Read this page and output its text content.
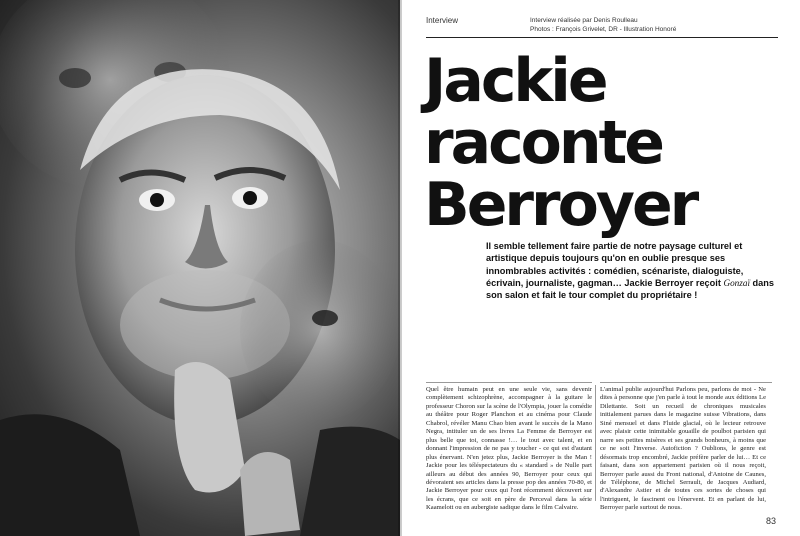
Interview	Interview réalisée par Denis Roulleau
Photos : François Grivelet, DR - Illustration Honoré
Jackie
raconte
Berroyer
Il semble tellement faire partie de notre paysage culturel et artistique depuis toujours qu'on en oublie presque ses innombrables activités : comédien, scénariste, dialoguiste, écrivain, journaliste, gagman… Jackie Berroyer reçoit Gonzaï dans son salon et fait le tour complet du propriétaire !
Quel être humain peut en une seule vie, sans devenir complètement schizophrène, accompagner à la guitare le professeur Choron sur la scène de l'Olympia, jouer la comédie au théâtre pour Roger Planchon et au cinéma pour Claude Chabrol, révéler Manu Chao bien avant le succès de la Mano Negra, intituler un de ses livres La Femme de Berroyer est plus belle que toi, connasse !… le tout avec talent, et en donnant l'impression de ne pas y toucher - ce qui est d'autant plus énervant. N'en jetez plus, Jackie Berroyer is the Man ! Jackie pour les téléspectateurs du « standard » de Nulle part ailleurs au début des années 90, Berroyer pour ceux qui dévoraient ses articles dans la presse pop des années 70-80, et Jackie Berroyer pour ceux qui l'ont récemment découvert sur les écrans, que ce soit en père de Perceval dans la série Kaamelott ou en aubergiste sadique dans le film Calvaire.
L'animal publie aujourd'hui Parlons peu, parlons de moi - Ne dites à personne que j'en parle à tout le monde aux éditions Le Dilettante. Soit un recueil de chroniques musicales initialement parues dans le magazine suisse Vibrations, dans Siné mensuel et dans Fluide glacial, où le lecteur retrouve avec plaisir cette inimitable gouaille de poulbot parisien qui narre ses petites misères et ses grands bonheurs, à moins que ce ne soit l'inverse. Autofiction ? Oublions, le genre est désormais trop encombré, Jackie préfère parler de lui… Et ce faisant, dans son appartement parisien où il nous reçoit, Berroyer parle aussi du Front national, d'Antoine de Caunes, de Téléphone, de Michel Serrault, de Jacques Audiard, d'Alexandre Astier et de toutes ces sortes de choses qui l'intriguent, le fascinent ou l'énervent. Et en parlant de lui, Berroyer parle surtout de nous.
83
